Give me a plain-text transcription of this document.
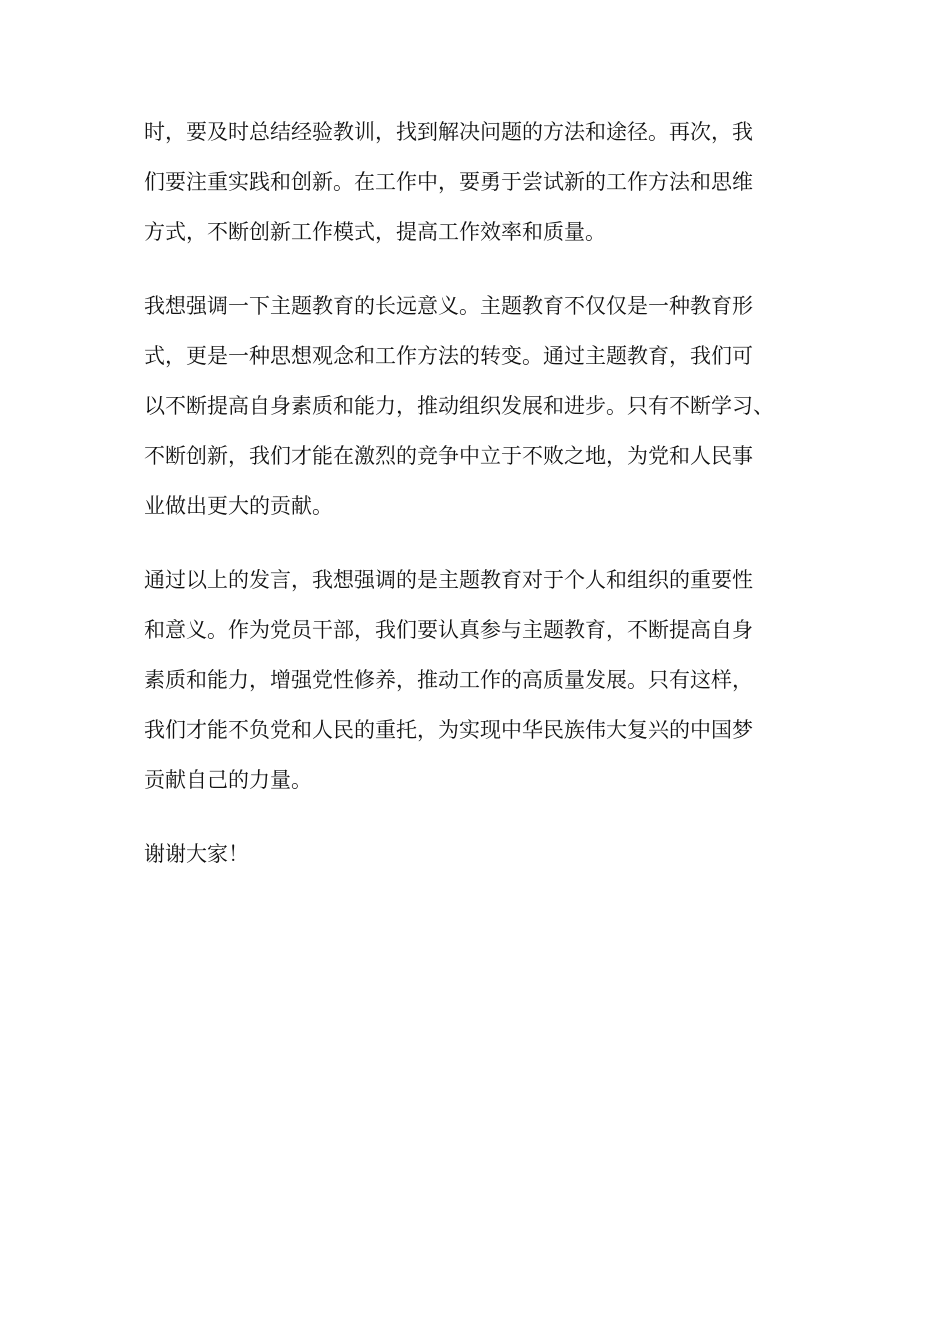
时，要及时总结经验教训，找到解决问题的方法和途径。再次，我
们要注重实践和创新。在工作中，要勇于尝试新的工作方法和思维
方式，不断创新工作模式，提高工作效率和质量。

我想强调一下主题教育的长远意义。主题教育不仅仅是一种教育形
式，更是一种思想观念和工作方法的转变。通过主题教育，我们可
以不断提高自身素质和能力，推动组织发展和进步。只有不断学习、
不断创新，我们才能在激烈的竞争中立于不败之地，为党和人民事
业做出更大的贡献。

通过以上的发言，我想强调的是主题教育对于个人和组织的重要性
和意义。作为党员干部，我们要认真参与主题教育，不断提高自身
素质和能力，增强党性修养，推动工作的高质量发展。只有这样，
我们才能不负党和人民的重托，为实现中华民族伟大复兴的中国梦
贡献自己的力量。

谢谢大家！
